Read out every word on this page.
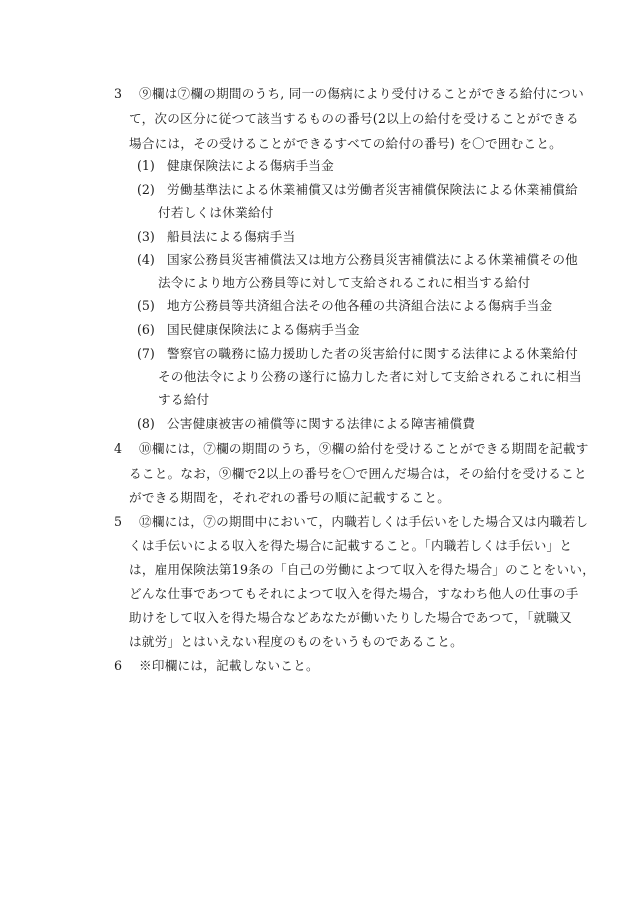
3 ⑨欄は⑦欄の期間のうち, 同一の傷病により受付けることができる給付につい
て，次の区分に従つて該当するものの番号(2以上の給付を受けることができる
場合には，その受けることができるすべての給付の番号) を〇で囲むこと。
(1) 健康保険法による傷病手当金
(2) 労働基準法による休業補償又は労働者災害補償保険法による休業補償給
付若しくは休業給付
(3) 船員法による傷病手当
(4) 国家公務員災害補償法又は地方公務員災害補償法による休業補償その他
法令により地方公務員等に対して支給されるこれに相当する給付
(5) 地方公務員等共済組合法その他各種の共済組合法による傷病手当金
(6) 国民健康保険法による傷病手当金
(7) 警察官の職務に協力援助した者の災害給付に関する法律による休業給付
その他法令により公務の遂行に協力した者に対して支給されるこれに相当
する給付
(8) 公害健康被害の補償等に関する法律による障害補償費
4 ⑩欄には，⑦欄の期間のうち，⑨欄の給付を受けることができる期間を記載す
ること。なお，⑨欄で2以上の番号を〇で囲んだ場合は，その給付を受けること
ができる期間を，それぞれの番号の順に記載すること。
5 ⑫欄には，⑦の期間中において，内職若しくは手伝いをした場合又は内職若し
くは手伝いによる収入を得た場合に記載すること。「内職若しくは手伝い」と
は，雇用保険法第19条の「自己の労働によつて収入を得た場合」のことをいい，
どんな仕事であつてもそれによつて収入を得た場合，すなわち他人の仕事の手
助けをして収入を得た場合などあなたが働いたりした場合であつて，「就職又
は就労」とはいえない程度のものをいうものであること。
6 ※印欄には，記載しないこと。
